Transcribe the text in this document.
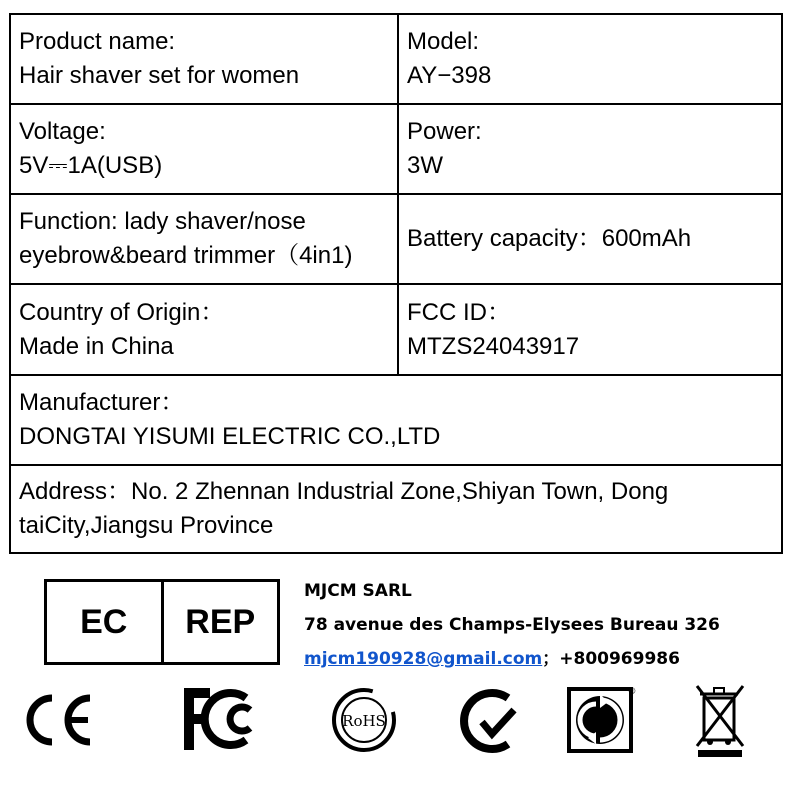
Product name:
Hair shaver set for women
Model:
AY−398
Voltage:
5V⎓1A(USB)
Power:
3W
Function: lady shaver/nose
eyebrow&beard trimmer（4in1)
Battery capacity：600mAh
Country of Origin：
Made in China
FCC ID：
MTZS24043917
Manufacturer：
DONGTAI YISUMI ELECTRIC CO.,LTD
Address：No. 2 Zhennan Industrial Zone,Shiyan Town, Dong
taiCity,Jiangsu Province
EC	REP
MJCM SARL
78 avenue des Champs-Elysees Bureau 326
mjcm190928@gmail.com；+800969986
RoHS
®
